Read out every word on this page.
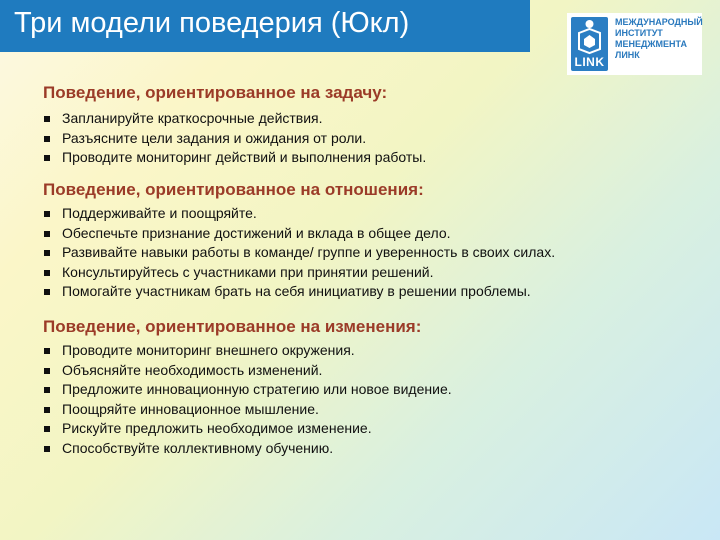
Три модели поведерия (Юкл)
LINK
МЕЖДУНАРОДНЫЙ
ИНСТИТУТ
МЕНЕДЖМЕНТА
ЛИНК
Поведение, ориентированное на задачу:
Запланируйте краткосрочные действия.
Разъясните цели задания и ожидания от роли.
Проводите мониторинг действий и выполнения работы.
Поведение, ориентированное на отношения:
Поддерживайте и поощряйте.
Обеспечьте признание достижений и вклада в общее дело.
Развивайте навыки работы в команде/ группе и уверенность в своих силах.
Консультируйтесь с участниками при принятии решений.
Помогайте участникам брать на себя инициативу в решении проблемы.
Поведение, ориентированное на изменения:
Проводите мониторинг внешнего окружения.
Объясняйте необходимость изменений.
Предложите инновационную стратегию или новое видение.
Поощряйте инновационное мышление.
Рискуйте предложить необходимое изменение.
Способствуйте коллективному обучению.
